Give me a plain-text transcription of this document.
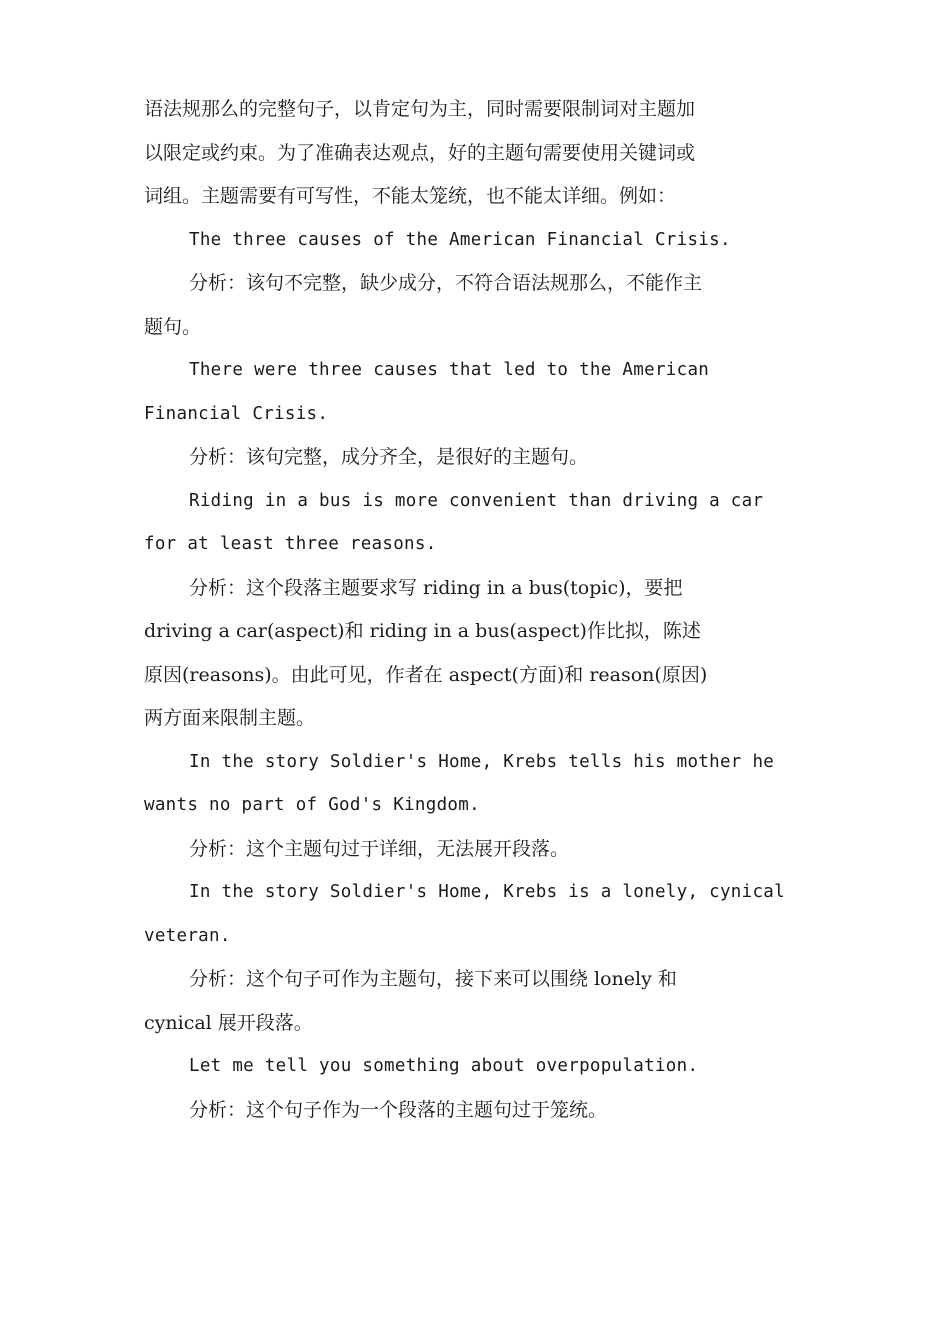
语法规那么的完整句子，以肯定句为主，同时需要限制词对主题加
以限定或约束。为了准确表达观点，好的主题句需要使用关键词或
词组。主题需要有可写性，不能太笼统，也不能太详细。例如：

The three causes of the American Financial Crisis.

分析：该句不完整，缺少成分，不符合语法规那么，不能作主
题句。

There were three causes that led to the American
Financial Crisis.

分析：该句完整，成分齐全，是很好的主题句。

Riding in a bus is more convenient than driving a car
for at least three reasons.

分析：这个段落主题要求写 riding in a bus(topic)，要把
driving a car(aspect)和 riding in a bus(aspect)作比拟，陈述
原因(reasons)。由此可见，作者在 aspect(方面)和 reason(原因)
两方面来限制主题。

In the story Soldier's Home, Krebs tells his mother he
wants no part of God's Kingdom.

分析：这个主题句过于详细，无法展开段落。

In the story Soldier's Home, Krebs is a lonely, cynical
veteran.

分析：这个句子可作为主题句，接下来可以围绕 lonely 和
cynical 展开段落。

Let me tell you something about overpopulation.

分析：这个句子作为一个段落的主题句过于笼统。
